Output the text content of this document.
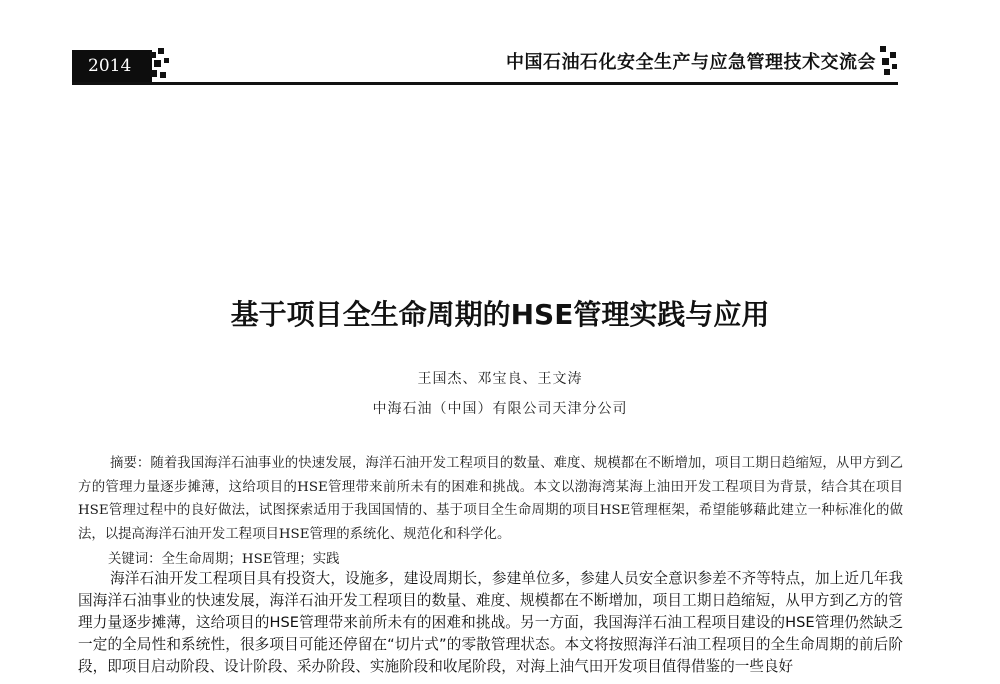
2014	中国石油石化安全生产与应急管理技术交流会
基于项目全生命周期的HSE管理实践与应用
王国杰、邓宝良、王文涛
中海石油（中国）有限公司天津分公司
摘要：随着我国海洋石油事业的快速发展，海洋石油开发工程项目的数量、难度、规模都在不断增加，项目工期日趋缩短，从甲方到乙方的管理力量逐步摊薄，这给项目的HSE管理带来前所未有的困难和挑战。本文以渤海湾某海上油田开发工程项目为背景，结合其在项目HSE管理过程中的良好做法，试图探索适用于我国国情的、基于项目全生命周期的项目HSE管理框架，希望能够藉此建立一种标准化的做法，以提高海洋石油开发工程项目HSE管理的系统化、规范化和科学化。
关键词：全生命周期；HSE管理；实践
海洋石油开发工程项目具有投资大，设施多，建设周期长，参建单位多，参建人员安全意识参差不齐等特点，加上近几年我国海洋石油事业的快速发展，海洋石油开发工程项目的数量、难度、规模都在不断增加，项目工期日趋缩短，从甲方到乙方的管理力量逐步摊薄，这给项目的HSE管理带来前所未有的困难和挑战。另一方面，我国海洋石油工程项目建设的HSE管理仍然缺乏一定的全局性和系统性，很多项目可能还停留在“切片式”的零散管理状态。本文将按照海洋石油工程项目的全生命周期的前后阶段，即项目启动阶段、设计阶段、采办阶段、实施阶段和收尾阶段，对海上油气田开发项目值得借鉴的一些良好
